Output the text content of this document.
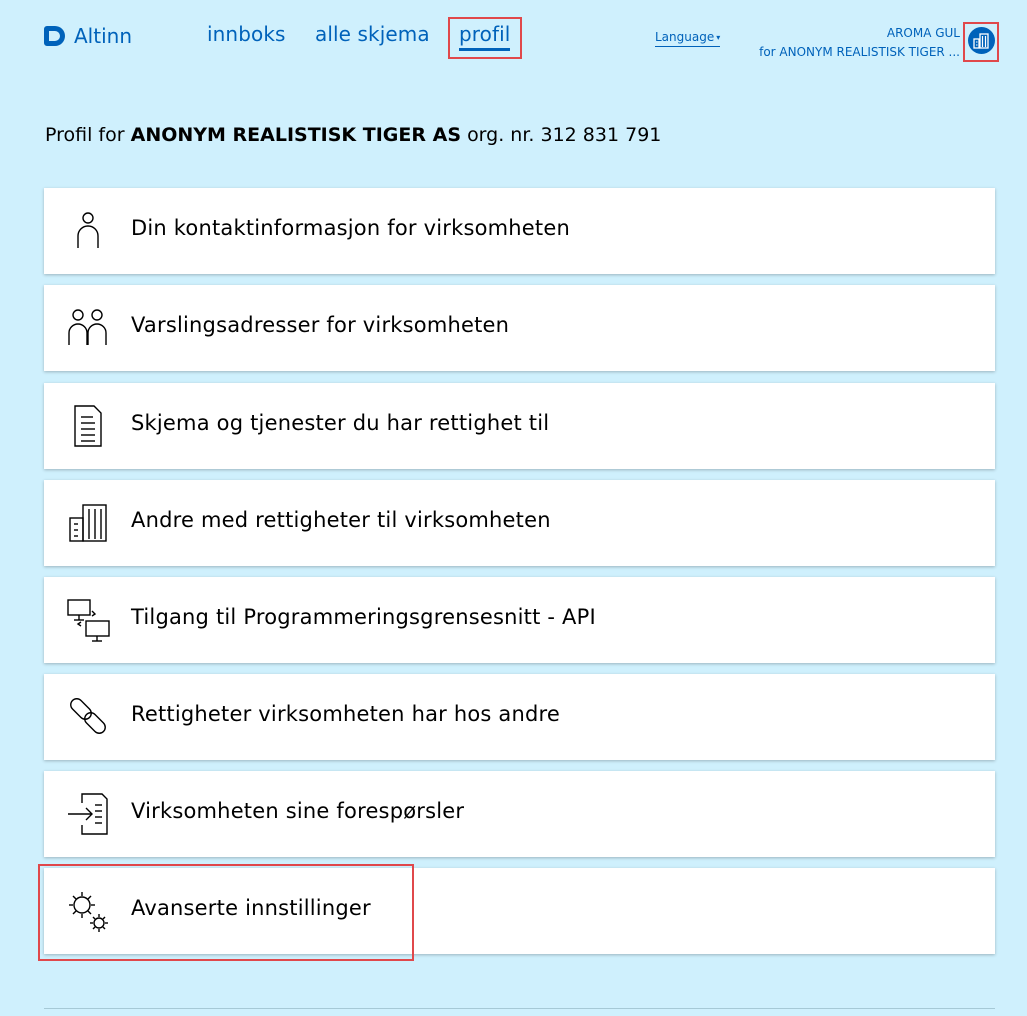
Altinn	innboks alle skjema profil	Language ▾	AROMA GUL
for ANONYM REALISTISK TIGER ...
Profil for ANONYM REALISTISK TIGER AS org. nr. 312 831 791
Din kontaktinformasjon for virksomheten
Varslingsadresser for virksomheten
Skjema og tjenester du har rettighet til
Andre med rettigheter til virksomheten
Tilgang til Programmeringsgrensesnitt - API
Rettigheter virksomheten har hos andre
Virksomheten sine forespørsler
Avanserte innstillinger
